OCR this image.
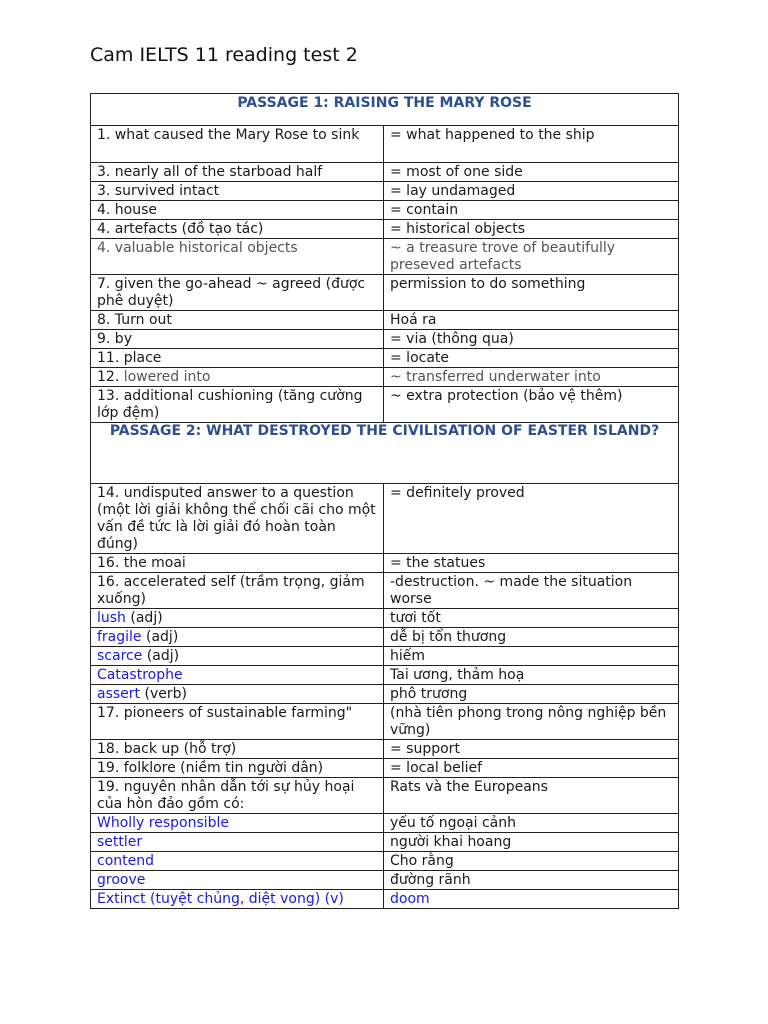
Cam IELTS 11 reading test 2
PASSAGE 1: RAISING THE MARY ROSE	

1. what caused the Mary Rose to sink	= what happened to the ship
3. nearly all of the starboad half	= most of one side
3. survived intact	= lay undamaged
4. house	= contain
4. artefacts (đồ tạo tác)	= historical objects
4. valuable historical objects	~ a treasure trove of beautifully preseved artefacts
7. given the go-ahead ~ agreed (được phê duyệt)	permission to do something
8. Turn out	Hoá ra
9. by	= via (thông qua)
11. place	= locate
12. lowered into	~ transferred underwater into
13. additional cushioning (tăng cường lớp đệm)	~ extra protection (bảo vệ thêm)
PASSAGE 2: WHAT DESTROYED THE CIVILISATION OF EASTER ISLAND?	
14. undisputed answer to a question (một lời giải không thể chối cãi cho một vấn đề tức là lời giải đó hoàn toàn đúng)	= definitely proved
16. the moai	= the statues
16. accelerated self (trầm trọng, giảm xuống)	-destruction. ~ made the situation worse
lush (adj)	tươi tốt
fragile (adj)	dễ bị tổn thương
scarce (adj)	hiếm
Catastrophe	Tai ương, thảm hoạ
assert (verb)	phô trương
17. pioneers of sustainable farming"	(nhà tiên phong trong nông nghiệp bền vững)
18. back up (hỗ trợ)	= support
19. folklore (niềm tin người dân)	= local belief
19. nguyên nhân dẫn tới sự hủy hoại của hòn đảo gồm có:	Rats và the Europeans
Wholly responsible	yếu tố ngoại cảnh
settler	người khai hoang
contend	Cho rằng
groove	đường rãnh
Extinct (tuyệt chủng, diệt vong) (v)	doom
